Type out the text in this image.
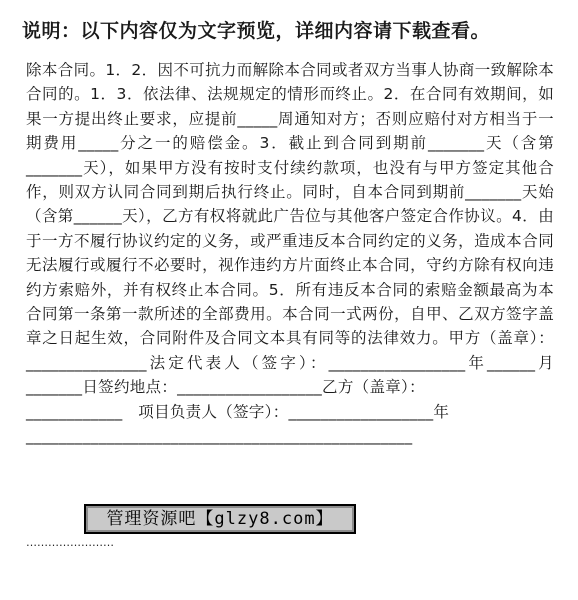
说明：以下内容仅为文字预览，详细内容请下载查看。
除本合同。1．2．因不可抗力而解除本合同或者双方当事人协商一致解除本合同的。1．3．依法律、法规规定的情形而终止。2．在合同有效期间，如果一方提出终止要求，应提前_____周通知对方；否则应赔付对方相当于一期费用_____分之一的赔偿金。3．截止到合同到期前_______天（含第_______天），如果甲方没有按时支付续约款项，也没有与甲方签定其他合作，则双方认同合同到期后执行终止。同时，自本合同到期前_______天始（含第______天），乙方有权将就此广告位与其他客户签定合作协议。4．由于一方不履行协议约定的义务，或严重违反本合同约定的义务，造成本合同无法履行或履行不必要时，视作违约方片面终止本合同，守约方除有权向违约方索赔外，并有权终止本合同。5．所有违反本合同的索赔金额最高为本合同第一条第一款所述的全部费用。本合同一式两份，自甲、乙双方签字盖章之日起生效，合同附件及合同文本具有同等的法律效力。甲方（盖章）：_______________法定代表人（签字）：_________________年______月_______日签约地点：__________________乙方（盖章）：
____________   项目负责人（签字）：__________________年
________________________________________________
……………………
管理资源吧【glzy8.com】
